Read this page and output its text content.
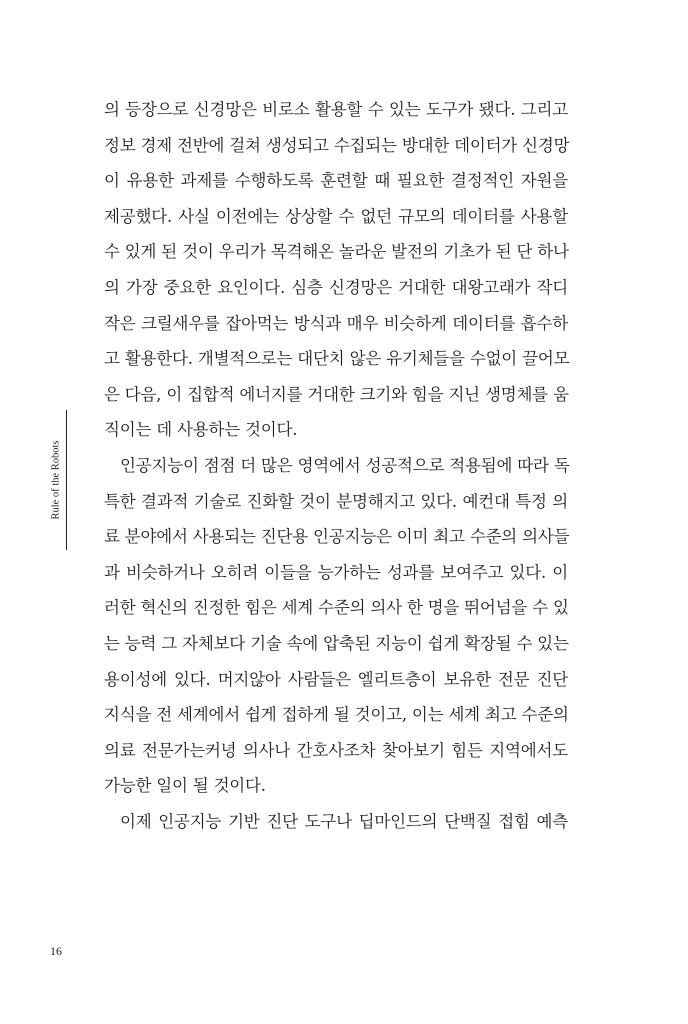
Rule of the Robots
의 등장으로 신경망은 비로소 활용할 수 있는 도구가 됐다. 그리고
정보 경제 전반에 걸쳐 생성되고 수집되는 방대한 데이터가 신경망
이 유용한 과제를 수행하도록 훈련할 때 필요한 결정적인 자원을
제공했다. 사실 이전에는 상상할 수 없던 규모의 데이터를 사용할
수 있게 된 것이 우리가 목격해온 놀라운 발전의 기초가 된 단 하나
의 가장 중요한 요인이다. 심층 신경망은 거대한 대왕고래가 작디
작은 크릴새우를 잡아먹는 방식과 매우 비슷하게 데이터를 흡수하
고 활용한다. 개별적으로는 대단치 않은 유기체들을 수없이 끌어모
은 다음, 이 집합적 에너지를 거대한 크기와 힘을 지닌 생명체를 움
직이는 데 사용하는 것이다.
인공지능이 점점 더 많은 영역에서 성공적으로 적용됨에 따라 독
특한 결과적 기술로 진화할 것이 분명해지고 있다. 예컨대 특정 의
료 분야에서 사용되는 진단용 인공지능은 이미 최고 수준의 의사들
과 비슷하거나 오히려 이들을 능가하는 성과를 보여주고 있다. 이
러한 혁신의 진정한 힘은 세계 수준의 의사 한 명을 뛰어넘을 수 있
는 능력 그 자체보다 기술 속에 압축된 지능이 쉽게 확장될 수 있는
용이성에 있다. 머지않아 사람들은 엘리트층이 보유한 전문 진단
지식을 전 세계에서 쉽게 접하게 될 것이고, 이는 세계 최고 수준의
의료 전문가는커녕 의사나 간호사조차 찾아보기 힘든 지역에서도
가능한 일이 될 것이다.
이제 인공지능 기반 진단 도구나 딥마인드의 단백질 접힘 예측
16
